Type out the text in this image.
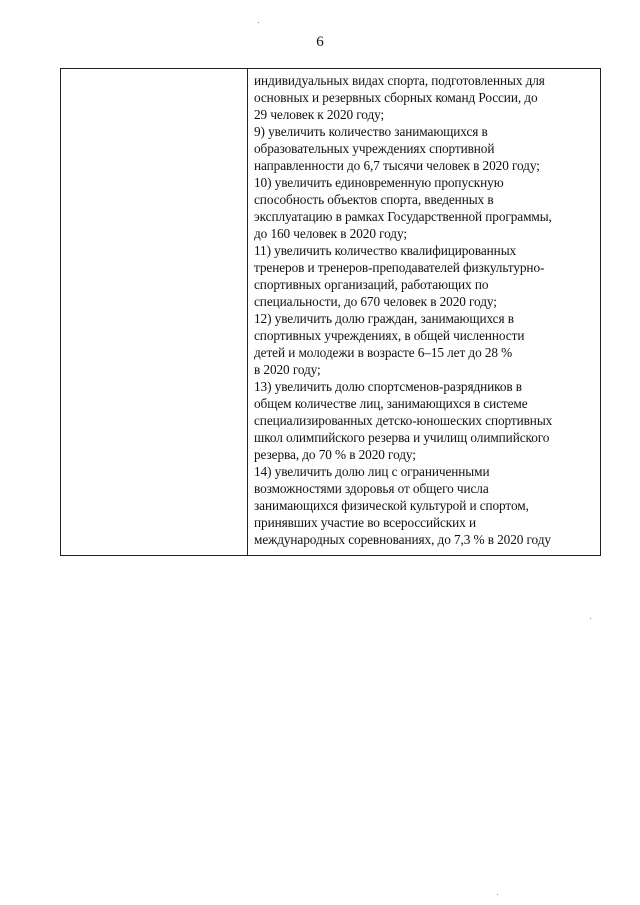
6
индивидуальных видах спорта, подготовленных для
основных и резервных сборных команд России, до
29 человек к 2020 году;
9) увеличить количество занимающихся в
образовательных учреждениях спортивной
направленности до 6,7 тысячи человек в 2020 году;
10) увеличить единовременную пропускную
способность объектов спорта, введенных в
эксплуатацию в рамках Государственной программы,
до 160 человек в 2020 году;
11) увеличить количество квалифицированных
тренеров и тренеров-преподавателей физкультурно-
спортивных организаций, работающих по
специальности, до 670 человек в 2020 году;
12) увеличить долю граждан, занимающихся в
спортивных учреждениях, в общей численности
детей и молодежи в возрасте 6–15 лет до 28 %
в 2020 году;
13) увеличить долю спортсменов-разрядников в
общем количестве лиц, занимающихся в системе
специализированных детско-юношеских спортивных
школ олимпийского резерва и училищ олимпийского
резерва, до 70 % в 2020 году;
14) увеличить долю лиц с ограниченными
возможностями здоровья от общего числа
занимающихся физической культурой и спортом,
принявших участие во всероссийских и
международных соревнованиях, до 7,3 % в 2020 году
